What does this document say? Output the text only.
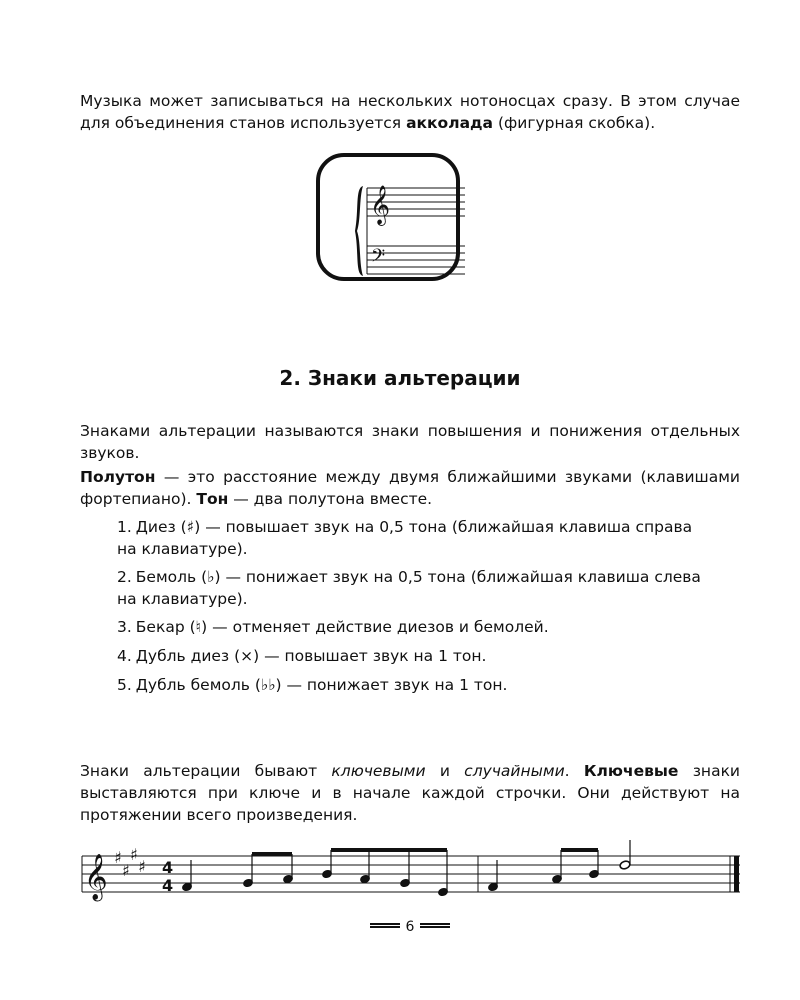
Музыка может записываться на нескольких нотоносцах сразу. В этом случае для объединения станов используется акколада (фигурная скобка).

𝄞
𝄢
2. Знаки альтерации

Знаками альтерации называются знаки повышения и понижения отдельных звуков.

Полутон — это расстояние между двумя ближайшими звуками (клавишами фортепиано). Тон — два полутона вместе.

1. Диез (♯) — повышает звук на 0,5 тона (ближайшая клавиша справа
на клавиатуре).
2. Бемоль (♭) — понижает звук на 0,5 тона (ближайшая клавиша слева
на клавиатуре).
3. Бекар (♮) — отменяет действие диезов и бемолей.
4. Дубль диез (×) — повышает звук на 1 тон.
5. Дубль бемоль (♭♭) — понижает звук на 1 тон.

Знаки альтерации бывают ключевыми и случайными. Ключевые знаки выставляются при ключе и в начале каждой строчки. Они действуют на протяжении всего произведения.

𝄞 ♯
♯
♯
♯ 4
4
6
